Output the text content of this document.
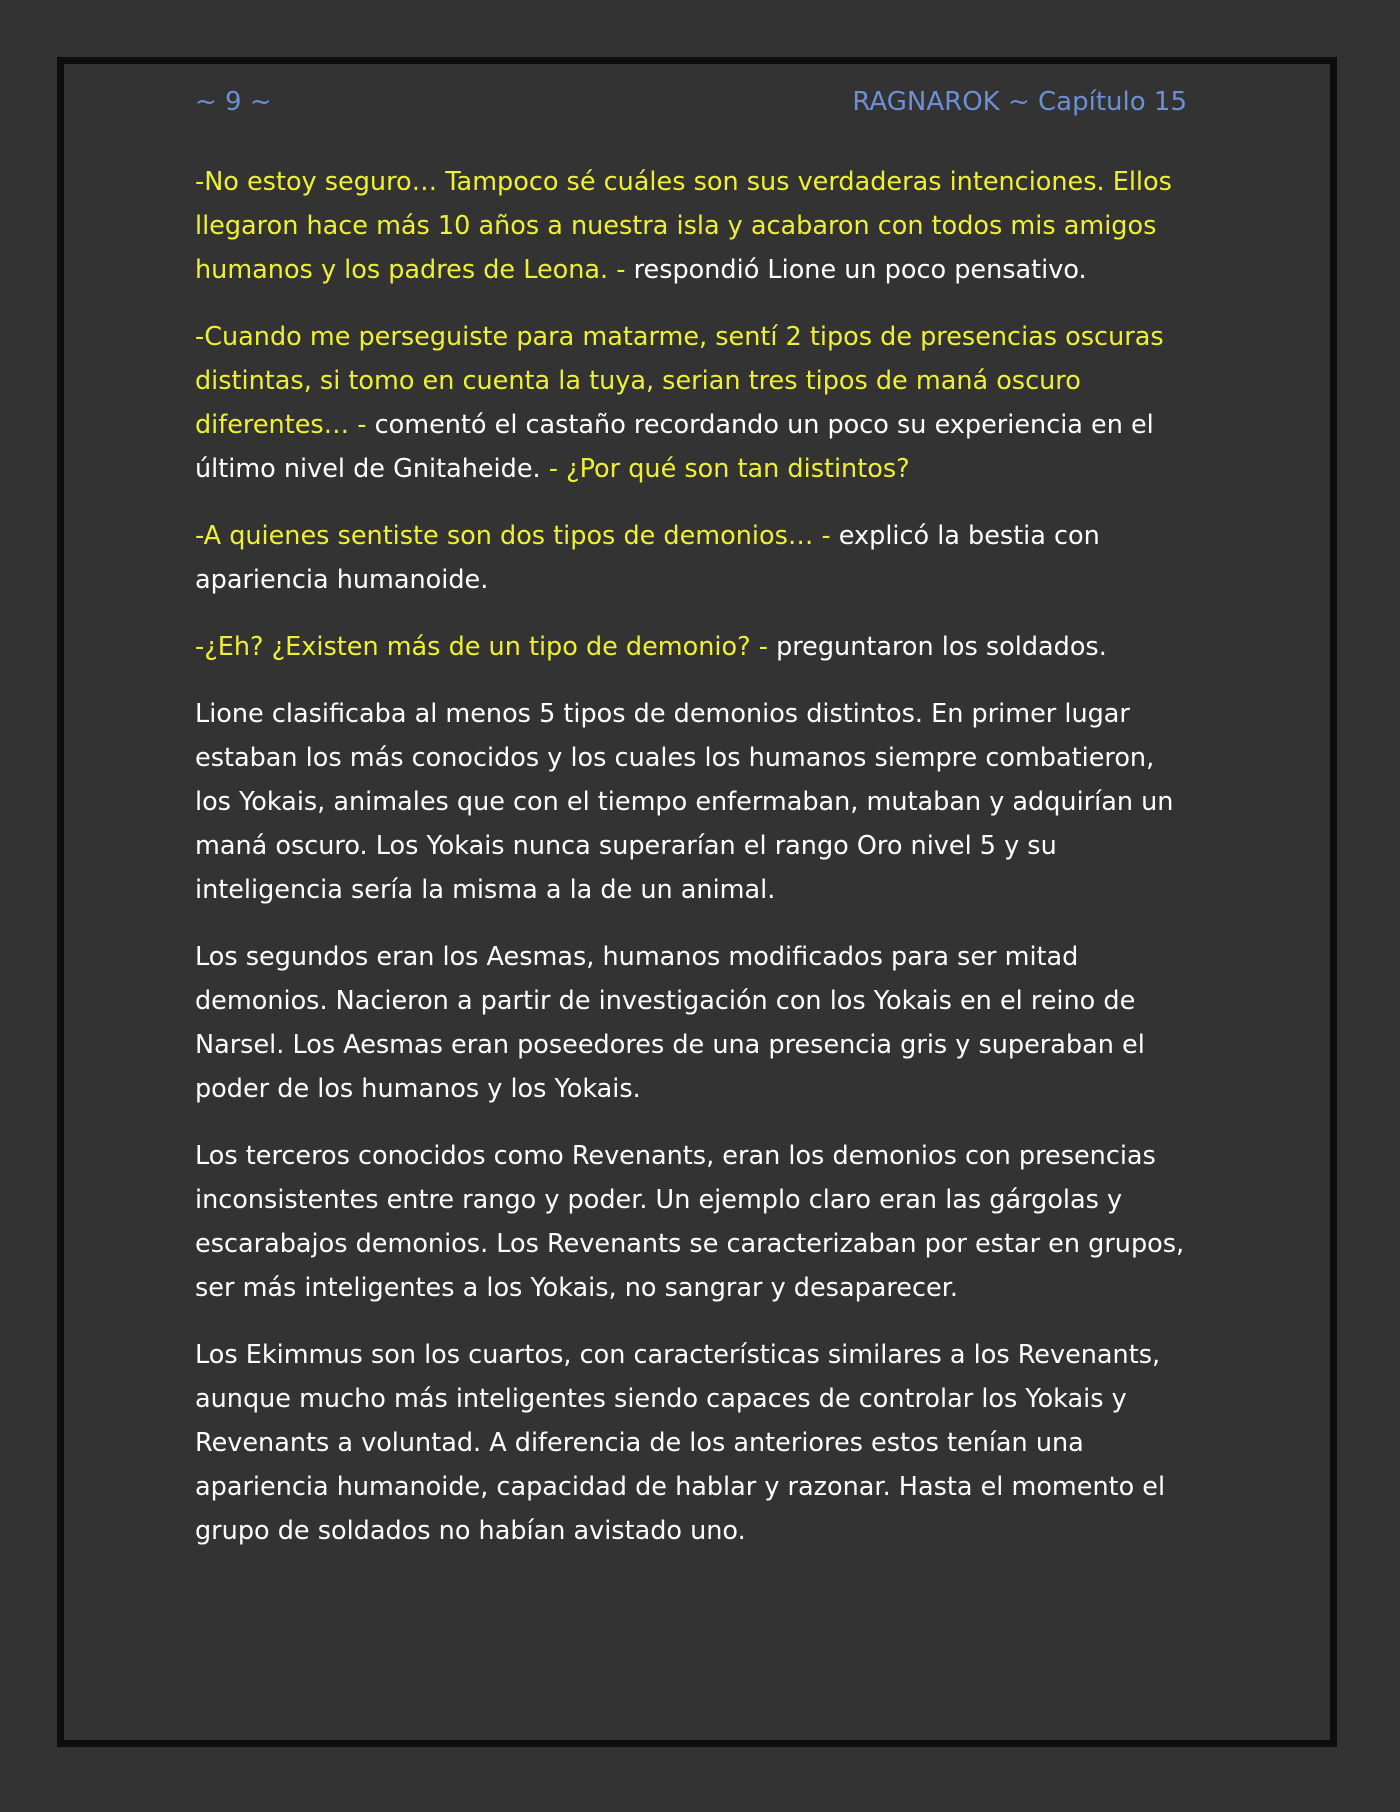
~ 9 ~	RAGNAROK ~ Capítulo 15

-No estoy seguro… Tampoco sé cuáles son sus verdaderas intenciones. Ellos llegaron hace más 10 años a nuestra isla y acabaron con todos mis amigos humanos y los padres de Leona. - respondió Lione un poco pensativo.

-Cuando me perseguiste para matarme, sentí 2 tipos de presencias oscuras distintas, si tomo en cuenta la tuya, serian tres tipos de maná oscuro diferentes… - comentó el castaño recordando un poco su experiencia en el último nivel de Gnitaheide. - ¿Por qué son tan distintos?

-A quienes sentiste son dos tipos de demonios… - explicó la bestia con apariencia humanoide.

-¿Eh? ¿Existen más de un tipo de demonio? - preguntaron los soldados.

Lione clasificaba al menos 5 tipos de demonios distintos. En primer lugar estaban los más conocidos y los cuales los humanos siempre combatieron, los Yokais, animales que con el tiempo enfermaban, mutaban y adquirían un maná oscuro. Los Yokais nunca superarían el rango Oro nivel 5 y su inteligencia sería la misma a la de un animal.

Los segundos eran los Aesmas, humanos modificados para ser mitad demonios. Nacieron a partir de investigación con los Yokais en el reino de Narsel. Los Aesmas eran poseedores de una presencia gris y superaban el poder de los humanos y los Yokais.

Los terceros conocidos como Revenants, eran los demonios con presencias inconsistentes entre rango y poder. Un ejemplo claro eran las gárgolas y escarabajos demonios. Los Revenants se caracterizaban por estar en grupos, ser más inteligentes a los Yokais, no sangrar y desaparecer.

Los Ekimmus son los cuartos, con características similares a los Revenants, aunque mucho más inteligentes siendo capaces de controlar los Yokais y Revenants a voluntad. A diferencia de los anteriores estos tenían una apariencia humanoide, capacidad de hablar y razonar. Hasta el momento el grupo de soldados no habían avistado uno.
